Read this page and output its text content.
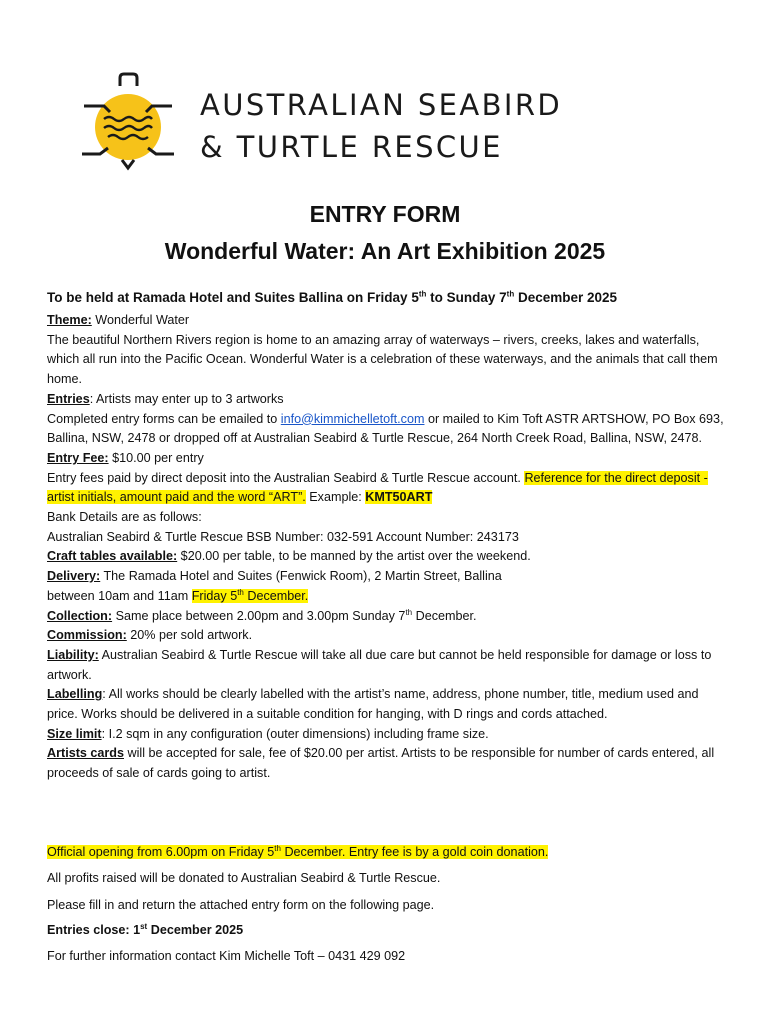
AUSTRALIAN SEABIRD
& TURTLE RESCUE
ENTRY FORM
Wonderful Water: An Art Exhibition 2025
To be held at Ramada Hotel and Suites Ballina on Friday 5th to Sunday 7th December 2025

Theme: Wonderful Water

The beautiful Northern Rivers region is home to an amazing array of waterways – rivers, creeks, lakes and waterfalls, which all run into the Pacific Ocean. Wonderful Water is a celebration of these waterways, and the animals that call them home.

Entries: Artists may enter up to 3 artworks

Completed entry forms can be emailed to info@kimmichelletoft.com or mailed to Kim Toft ASTR ARTSHOW, PO Box 693, Ballina, NSW, 2478 or dropped off at Australian Seabird & Turtle Rescue, 264 North Creek Road, Ballina, NSW, 2478.

Entry Fee: $10.00 per entry

Entry fees paid by direct deposit into the Australian Seabird & Turtle Rescue account. Reference for the direct deposit - artist initials, amount paid and the word “ART”. Example: KMT50ART

Bank Details are as follows:

Australian Seabird & Turtle Rescue BSB Number: 032-591 Account Number: 243173

Craft tables available: $20.00 per table, to be manned by the artist over the weekend.

Delivery: The Ramada Hotel and Suites (Fenwick Room), 2 Martin Street, Ballina

between 10am and 11am Friday 5th December.

Collection: Same place between 2.00pm and 3.00pm Sunday 7th December.

Commission: 20% per sold artwork.

Liability: Australian Seabird & Turtle Rescue will take all due care but cannot be held responsible for damage or loss to artwork.

Labelling: All works should be clearly labelled with the artist’s name, address, phone number, title, medium used and price. Works should be delivered in a suitable condition for hanging, with D rings and cords attached.

Size limit: I.2 sqm in any configuration (outer dimensions) including frame size.

Artists cards will be accepted for sale, fee of $20.00 per artist. Artists to be responsible for number of cards entered, all proceeds of sale of cards going to artist.

Official opening from 6.00pm on Friday 5th December. Entry fee is by a gold coin donation.
All profits raised will be donated to Australian Seabird & Turtle Rescue.
Please fill in and return the attached entry form on the following page.
Entries close: 1st December 2025
For further information contact Kim Michelle Toft – 0431 429 092
